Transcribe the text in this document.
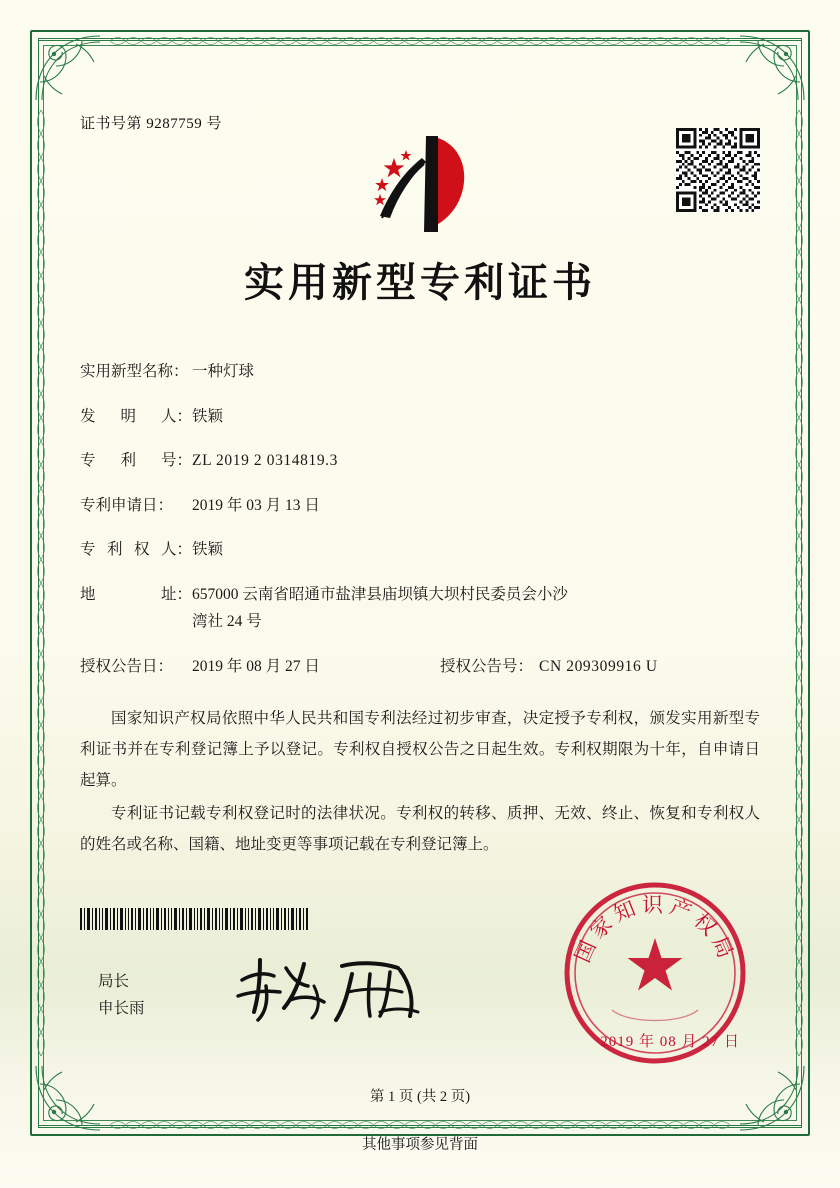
证书号第 9287759 号
实用新型专利证书
实用新型名称： 一种灯球
发 明 人： 铁颖
专 利 号： ZL 2019 2 0314819.3
专利申请日：	2019 年 03 月 13 日
专 利 权 人： 铁颖
地	址： 657000 云南省昭通市盐津县庙坝镇大坝村民委员会小沙
湾社 24 号
授权公告日：	2019 年 08 月 27 日	授权公告号： CN 209309916 U
国家知识产权局依照中华人民共和国专利法经过初步审查，决定授予专利权，颁发实用新型专利证书并在专利登记簿上予以登记。专利权自授权公告之日起生效。专利权期限为十年，自申请日起算。
专利证书记载专利权登记时的法律状况。专利权的转移、质押、无效、终止、恢复和专利权人的姓名或名称、国籍、地址变更等事项记载在专利登记簿上。
局长
申长雨
国家知识产权局
2019 年 08 月 27 日
第 1 页 (共 2 页)
其他事项参见背面
